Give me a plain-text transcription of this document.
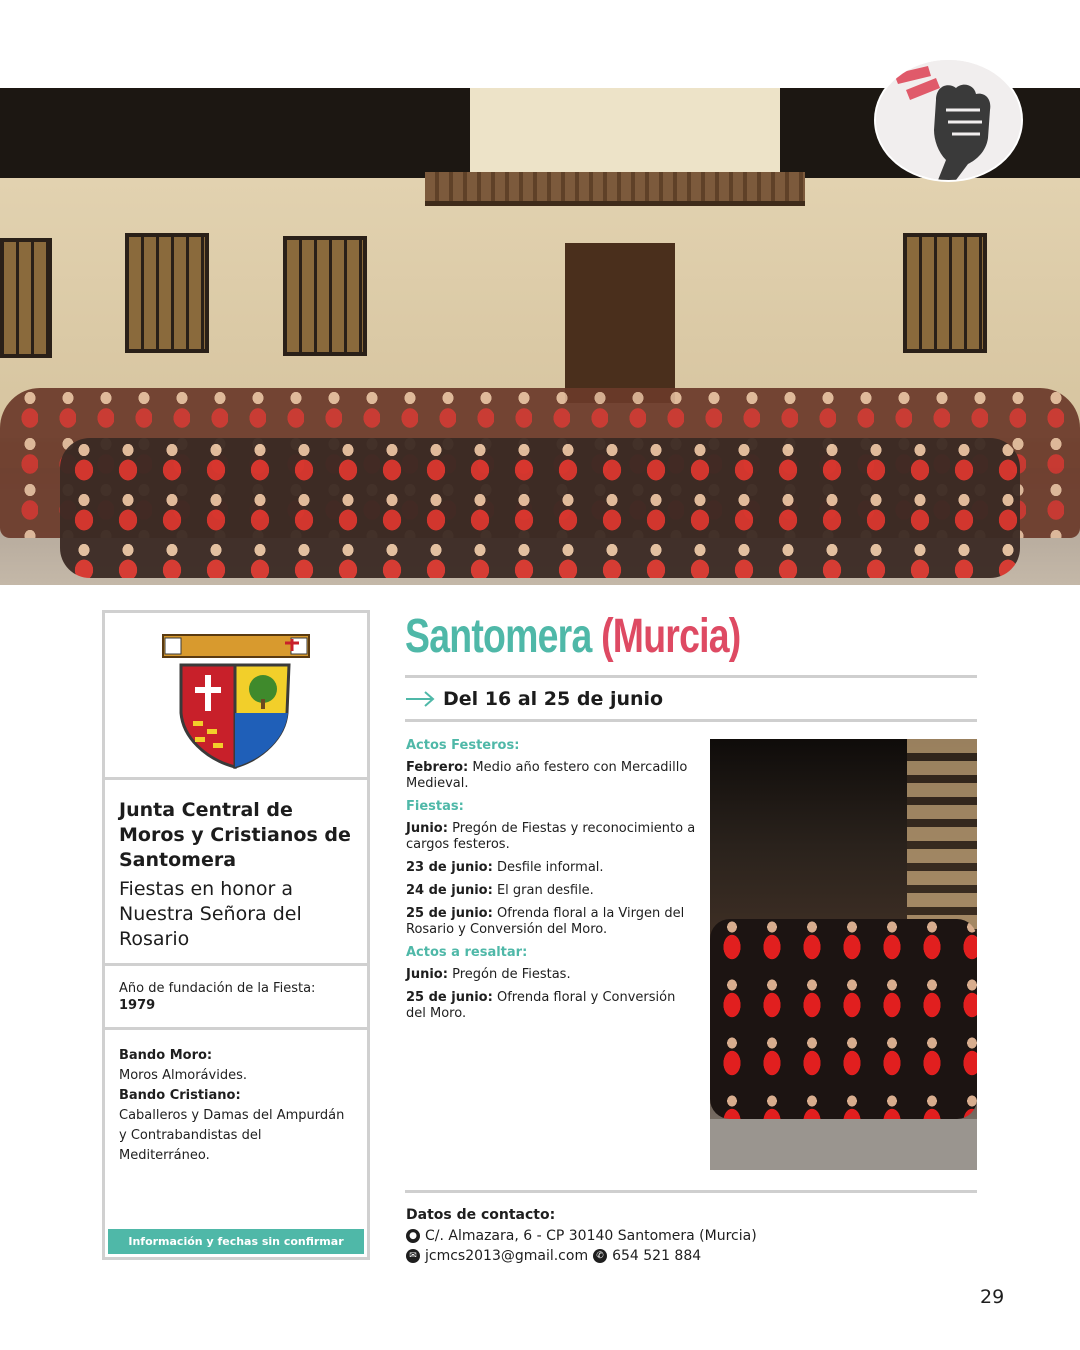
Junta Central de Moros y Cristianos de Santomera
Fiestas en honor a Nuestra Señora del Rosario
Año de fundación de la Fiesta: 1979
Bando Moro:
Moros Almorávides.
Bando Cristiano:
Caballeros y Damas del Ampurdán y Contrabandistas del Mediterráneo.
Información y fechas sin confirmar
Santomera (Murcia)
Del 16 al 25 de junio
Actos Festeros:
Febrero: Medio año festero con Mercadillo Medieval.
Fiestas:
Junio: Pregón de Fiestas y reconocimiento a cargos festeros.
23 de junio: Desfile informal.
24 de junio: El gran desfile.
25 de junio: Ofrenda floral a la Virgen del Rosario y Conversión del Moro.
Actos a resaltar:
Junio: Pregón de Fiestas.
25 de junio: Ofrenda floral y Conversión del Moro.
Datos de contacto:
● C/. Almazara, 6 - CP 30140 Santomera (Murcia)
✉ jcmcs2013@gmail.com ✆ 654 521 884
29
